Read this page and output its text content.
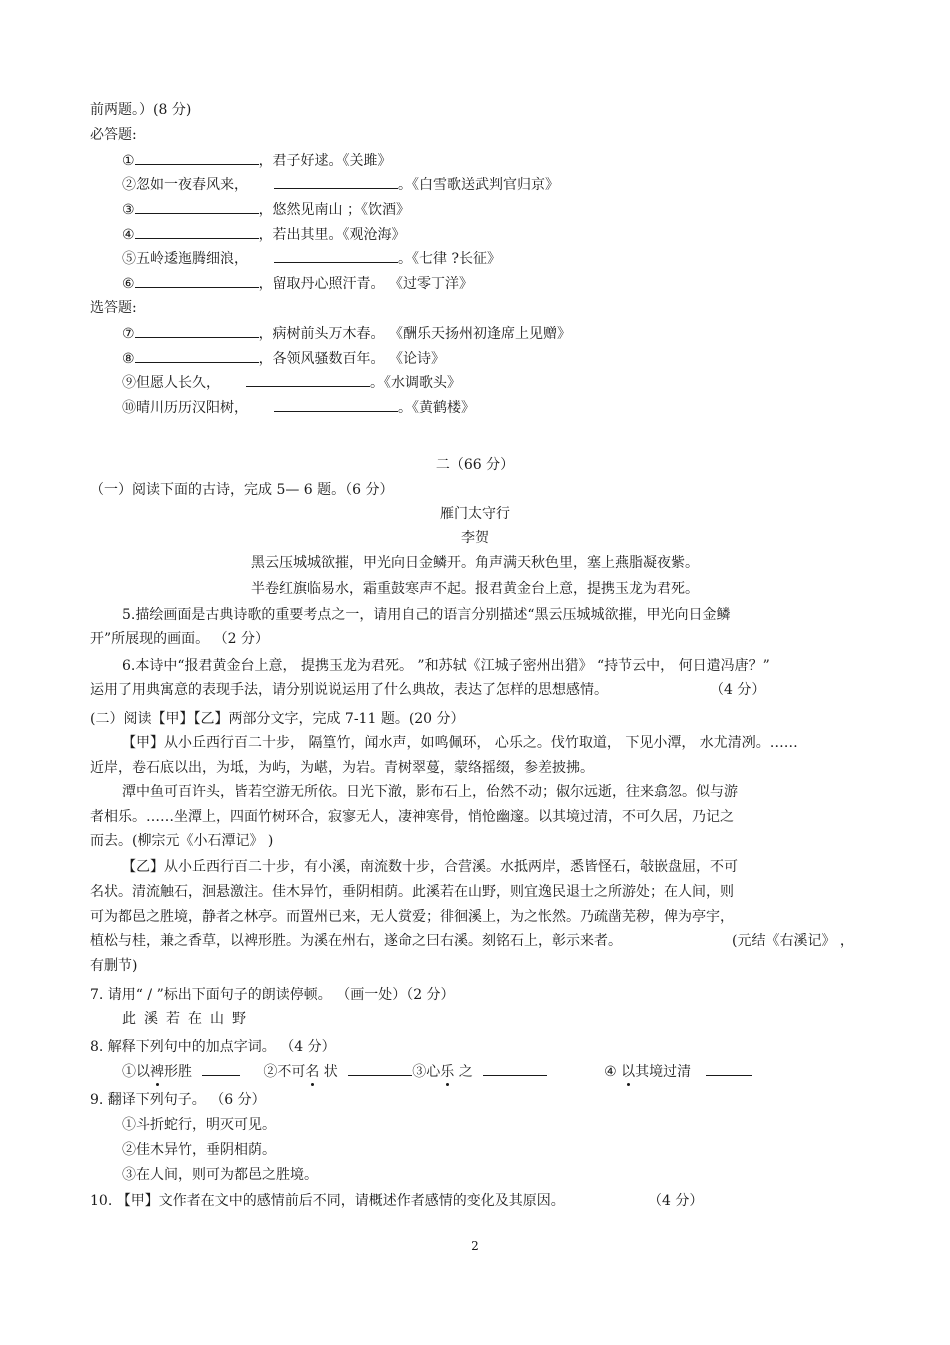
前两题。）(8 分)
必答题:
①	，君子好逑。《关雎》
②忽如一夜春风来，	。《白雪歌送武判官归京》
③	，悠然见南山 ；《饮酒》
④	，若出其里。《观沧海》
⑤五岭逶迤腾细浪，	。《七律 ?长征》
⑥	，留取丹心照汗青。 《过零丁洋》
选答题:
⑦	，病树前头万木春。 《酬乐天扬州初逢席上见赠》
⑧	，各领风骚数百年。 《论诗》
⑨但愿人长久，	。《水调歌头》
⑩晴川历历汉阳树，	。《黄鹤楼》
二（66 分）
（一）阅读下面的古诗，完成 5— 6 题。（6 分）
雁门太守行
李贺
黑云压城城欲摧，甲光向日金鳞开。角声满天秋色里，塞上燕脂凝夜紫。
半卷红旗临易水，霜重鼓寒声不起。报君黄金台上意，提携玉龙为君死。
5.描绘画面是古典诗歌的重要考点之一，请用自己的语言分别描述“黑云压城城欲摧，甲光向日金鳞
开”所展现的画面。 （2 分）
6.本诗中“报君黄金台上意， 提携玉龙为君死。 ”和苏轼《江城子密州出猎》 “持节云中， 何日遣冯唐？”
运用了用典寓意的表现手法，请分别说说运用了什么典故，表达了怎样的思想感情。	（4 分）
(二）阅读【甲】【乙】两部分文字，完成 7-11 题。(20 分）
【甲】从小丘西行百二十步， 隔篁竹，闻水声，如鸣佩环， 心乐之。伐竹取道， 下见小潭， 水尤清冽。……
近岸，卷石底以出，为坻，为屿，为嵁，为岩。青树翠蔓，蒙络摇缀，参差披拂。
潭中鱼可百许头，皆若空游无所依。日光下澈，影布石上，佁然不动；俶尔远逝，往来翕忽。似与游
者相乐。……坐潭上，四面竹树环合，寂寥无人，凄神寒骨，悄怆幽邃。以其境过清，不可久居，乃记之
而去。(柳宗元《小石潭记》 )
【乙】从小丘西行百二十步，有小溪，南流数十步，合营溪。水抵两岸，悉皆怪石，敧嵌盘屈，不可
名状。清流触石，洄悬激注。佳木异竹，垂阴相荫。此溪若在山野，则宜逸民退士之所游处；在人间，则
可为都邑之胜境，静者之林亭。而置州已来，无人赏爱；徘徊溪上，为之怅然。乃疏凿芜秽，俾为亭宇，
植松与桂，兼之香草，以裨形胜。为溪在州右，遂命之曰右溪。刻铭石上，彰示来者。	(元结《右溪记》 ，
有删节)
7. 请用“ / ”标出下面句子的朗读停顿。 （画一处）（2 分）
此 溪 若 在 山 野
8. 解释下列句中的加点字词。 （4 分）
①以裨形胜	②不可名 状	③心乐 之	④ 以其境过清
9. 翻译下列句子。 （6 分）
①斗折蛇行，明灭可见。
②佳木异竹，垂阴相荫。
③在人间，则可为都邑之胜境。
10. 【甲】文作者在文中的感情前后不同，请概述作者感情的变化及其原因。	（4 分）
2
